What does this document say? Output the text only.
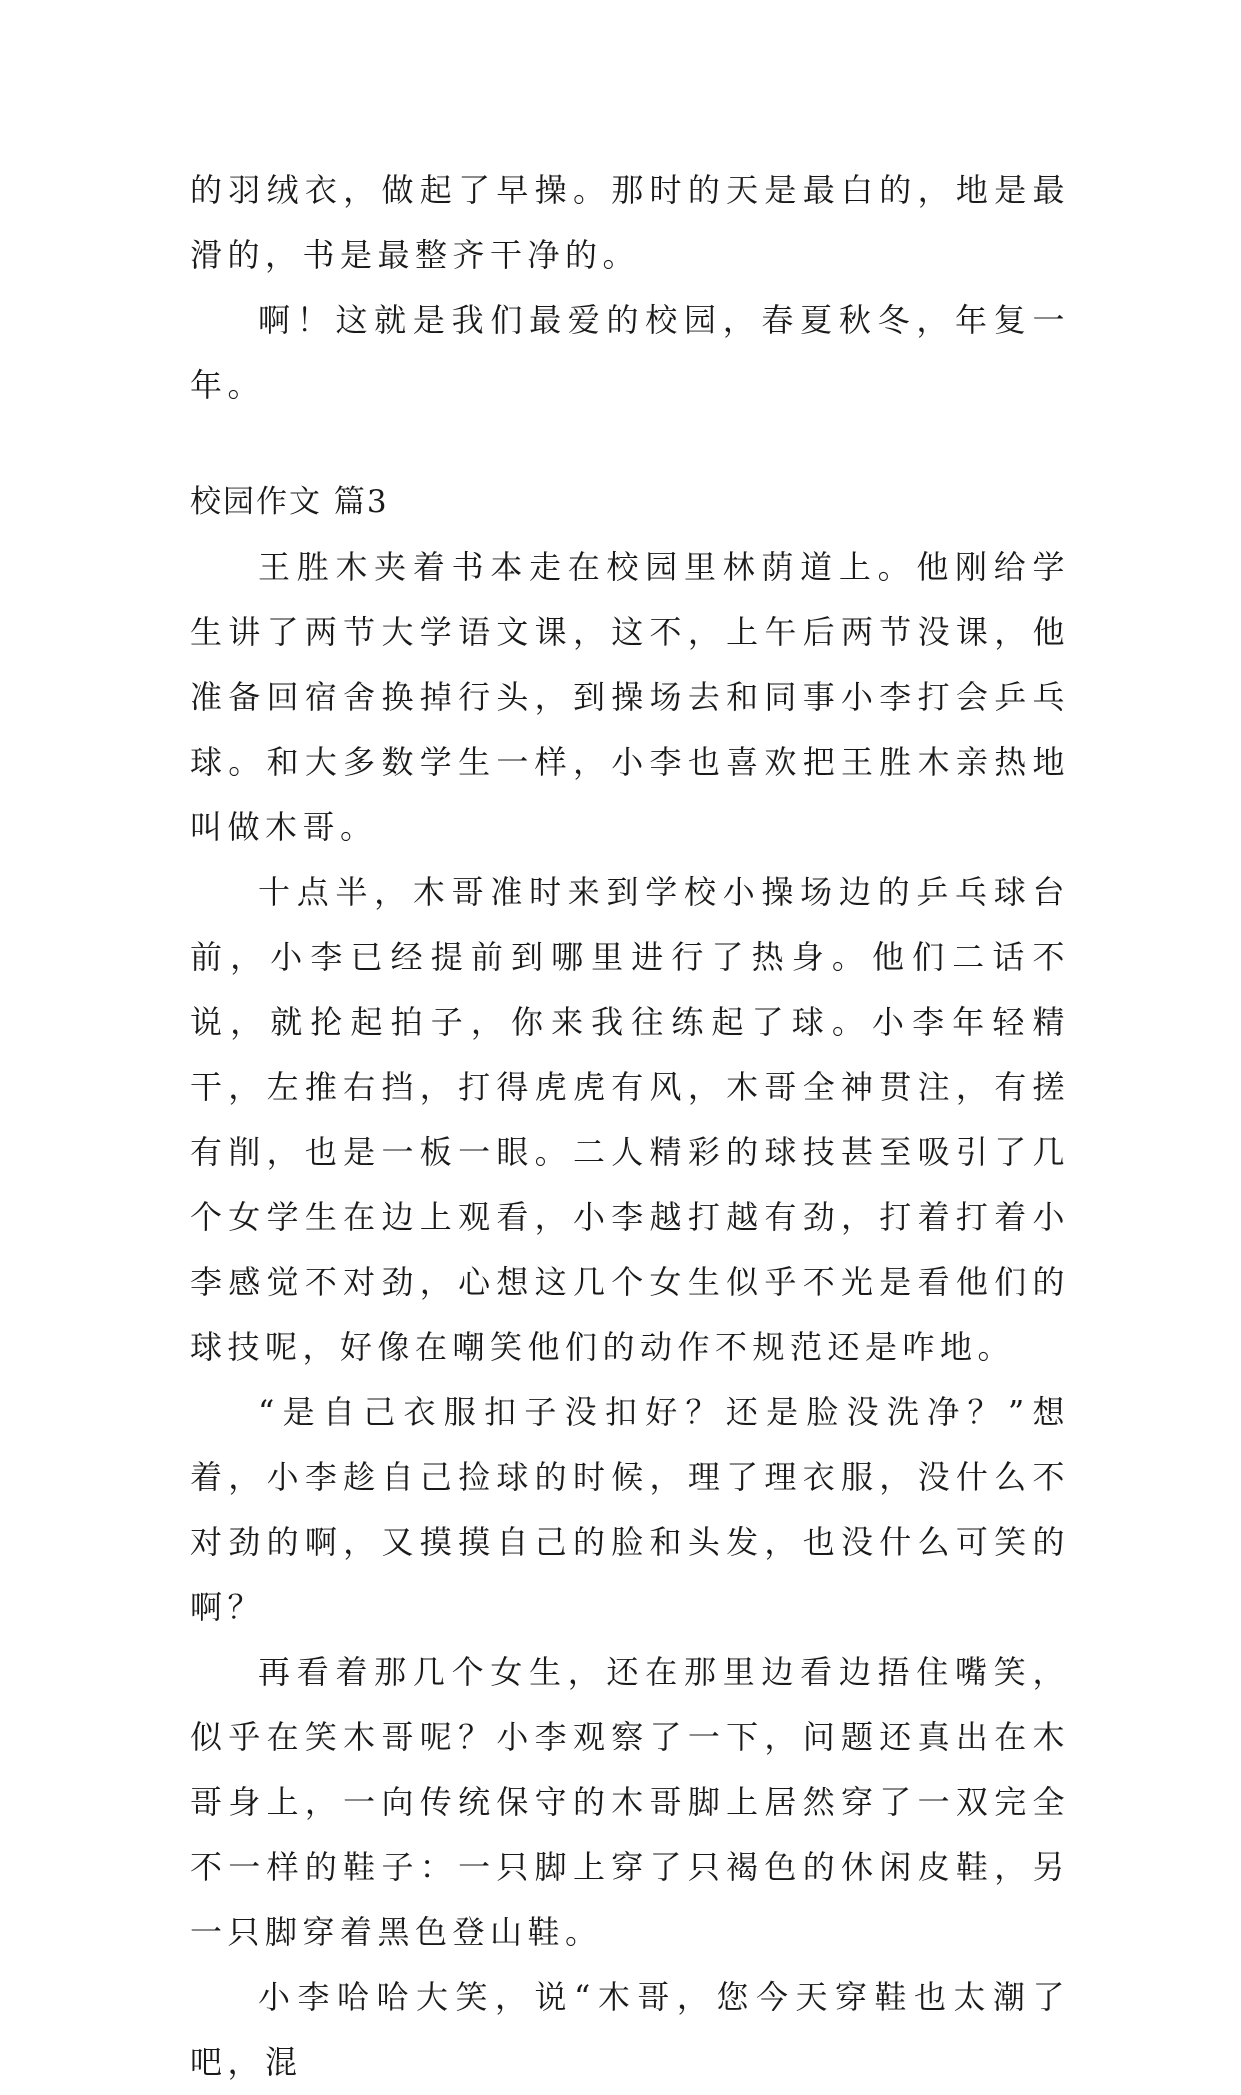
的羽绒衣，做起了早操。那时的天是最白的，地是最滑的，书是最整齐干净的。

啊！这就是我们最爱的校园，春夏秋冬，年复一年。

校园作文 篇3

王胜木夹着书本走在校园里林荫道上。他刚给学生讲了两节大学语文课，这不，上午后两节没课，他准备回宿舍换掉行头，到操场去和同事小李打会乒乓球。和大多数学生一样，小李也喜欢把王胜木亲热地叫做木哥。

十点半，木哥准时来到学校小操场边的乒乓球台前，小李已经提前到哪里进行了热身。他们二话不说，就抡起拍子，你来我往练起了球。小李年轻精干，左推右挡，打得虎虎有风，木哥全神贯注，有搓有削，也是一板一眼。二人精彩的球技甚至吸引了几个女学生在边上观看，小李越打越有劲，打着打着小李感觉不对劲，心想这几个女生似乎不光是看他们的球技呢，好像在嘲笑他们的动作不规范还是咋地。

“是自己衣服扣子没扣好？还是脸没洗净？”想着，小李趁自己捡球的时候，理了理衣服，没什么不对劲的啊，又摸摸自己的脸和头发，也没什么可笑的啊？

再看着那几个女生，还在那里边看边捂住嘴笑，似乎在笑木哥呢？小李观察了一下，问题还真出在木哥身上，一向传统保守的木哥脚上居然穿了一双完全不一样的鞋子：一只脚上穿了只褐色的休闲皮鞋，另一只脚穿着黑色登山鞋。

小李哈哈大笑，说“木哥，您今天穿鞋也太潮了吧，混
